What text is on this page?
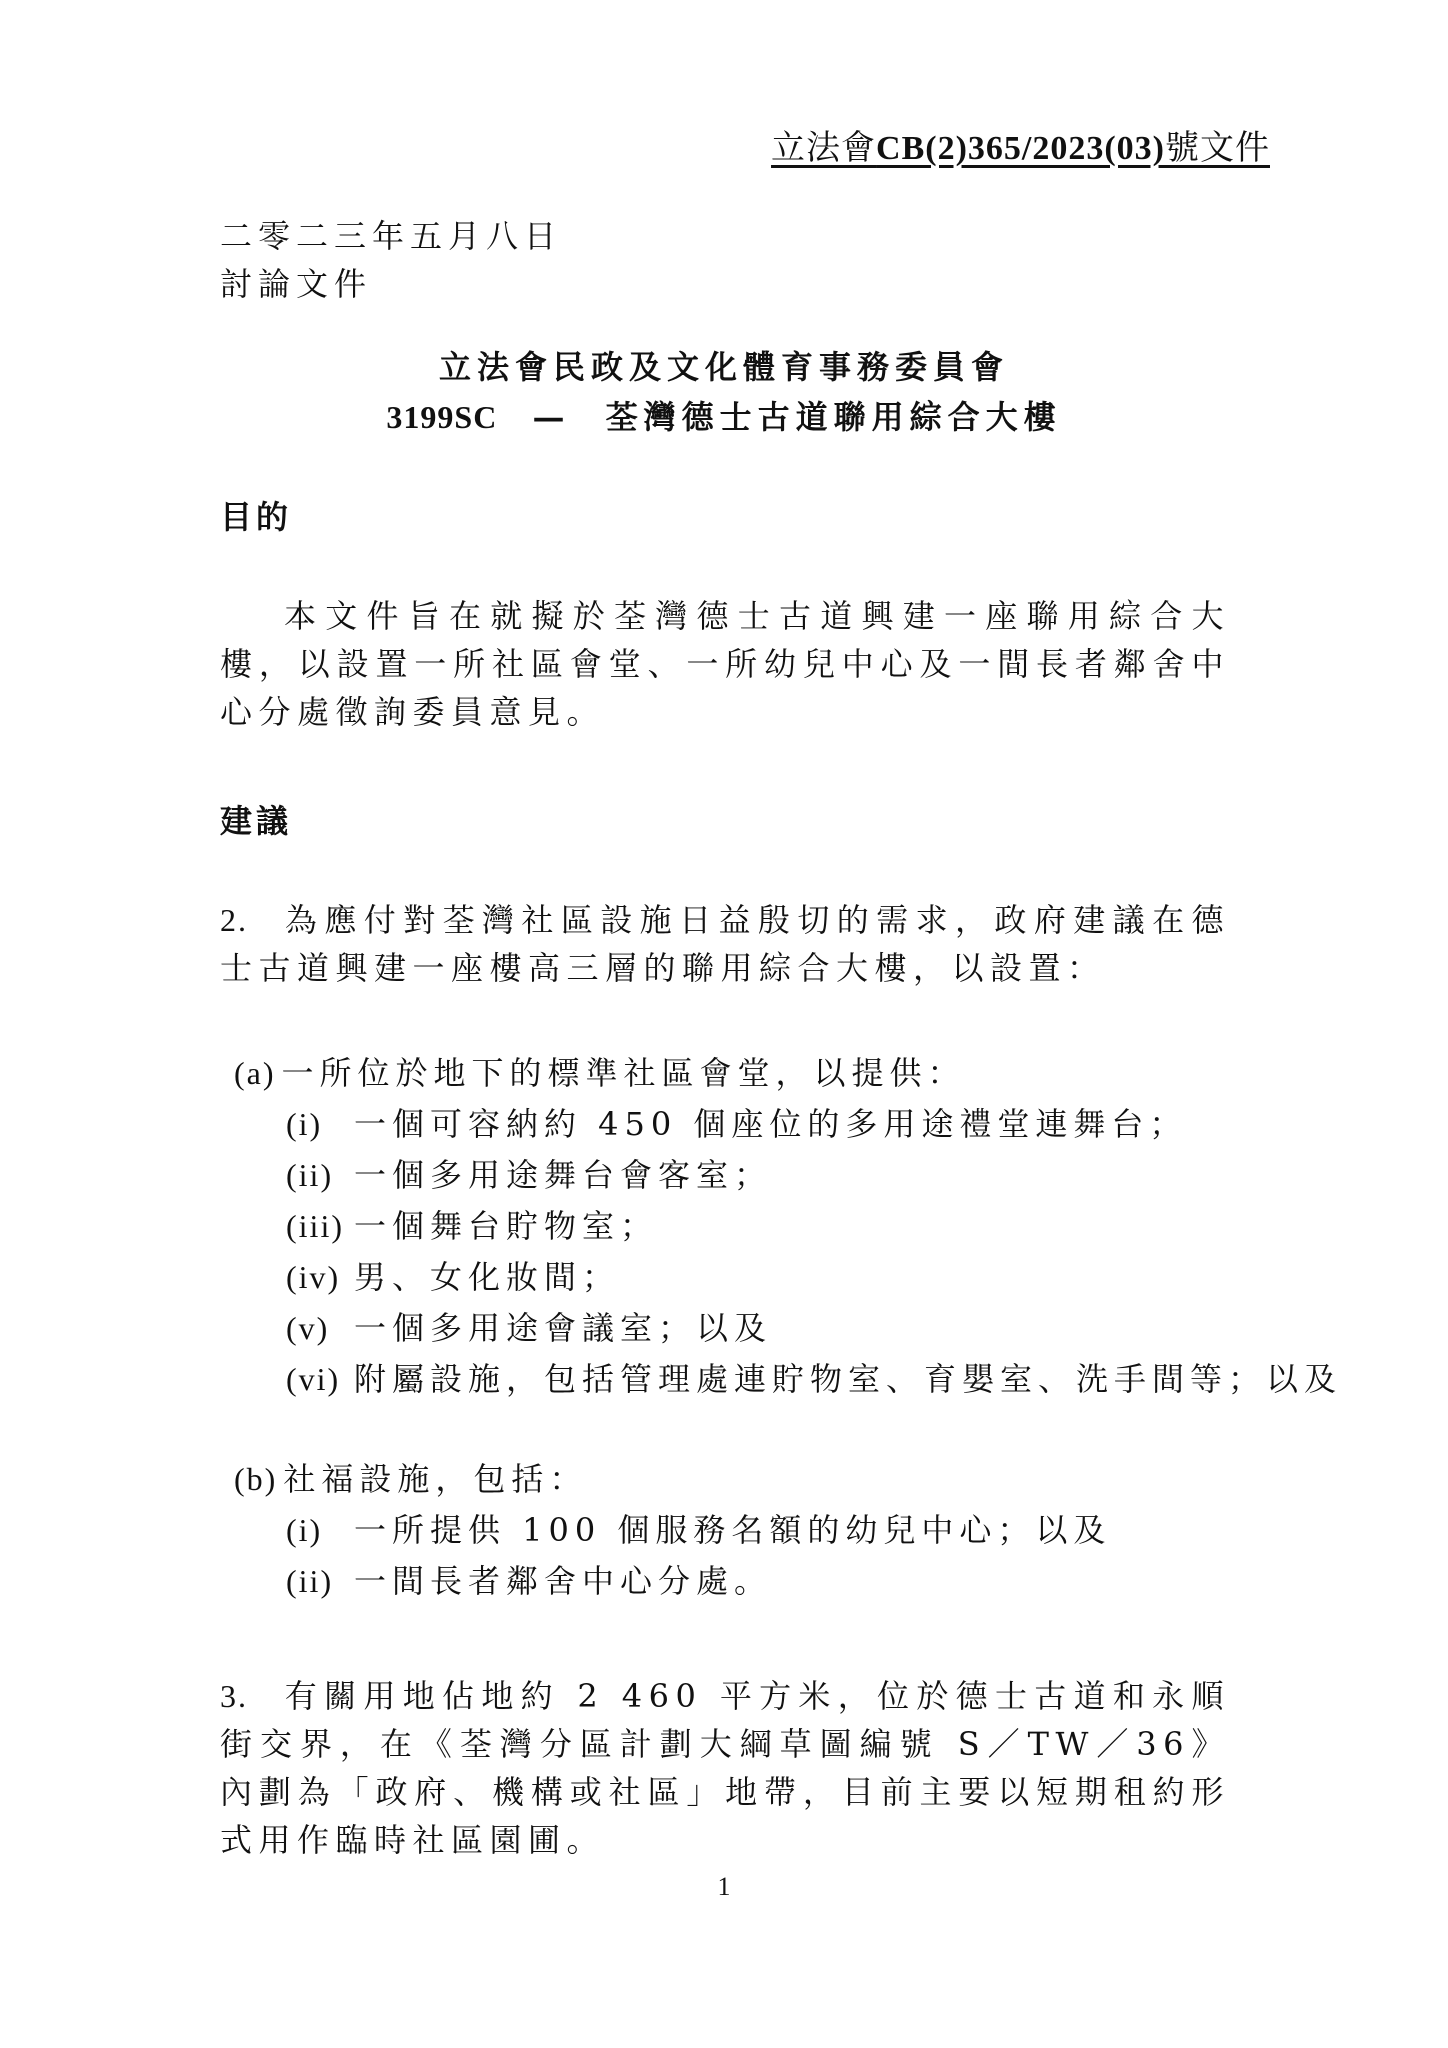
立法會CB(2)365/2023(03)號文件
二零二三年五月八日
討論文件
立法會民政及文化體育事務委員會
3199SC — 荃灣德士古道聯用綜合大樓
目的
本文件旨在就擬於荃灣德士古道興建一座聯用綜合大樓，以設置一所社區會堂、一所幼兒中心及一間長者鄰舍中心分處徵詢委員意見。
建議
2. 為應付對荃灣社區設施日益殷切的需求，政府建議在德士古道興建一座樓高三層的聯用綜合大樓，以設置：
(a) 一所位於地下的標準社區會堂，以提供：
(i) 一個可容納約 450 個座位的多用途禮堂連舞台；
(ii) 一個多用途舞台會客室；
(iii) 一個舞台貯物室；
(iv) 男、女化妝間；
(v) 一個多用途會議室；以及
(vi) 附屬設施，包括管理處連貯物室、育嬰室、洗手間等；以及
(b) 社福設施，包括：
(i) 一所提供 100 個服務名額的幼兒中心；以及
(ii) 一間長者鄰舍中心分處。
3. 有關用地佔地約 2 460 平方米，位於德士古道和永順街交界，在《荃灣分區計劃大綱草圖編號 S／TW／36》內劃為「政府、機構或社區」地帶，目前主要以短期租約形式用作臨時社區園圃。
1
